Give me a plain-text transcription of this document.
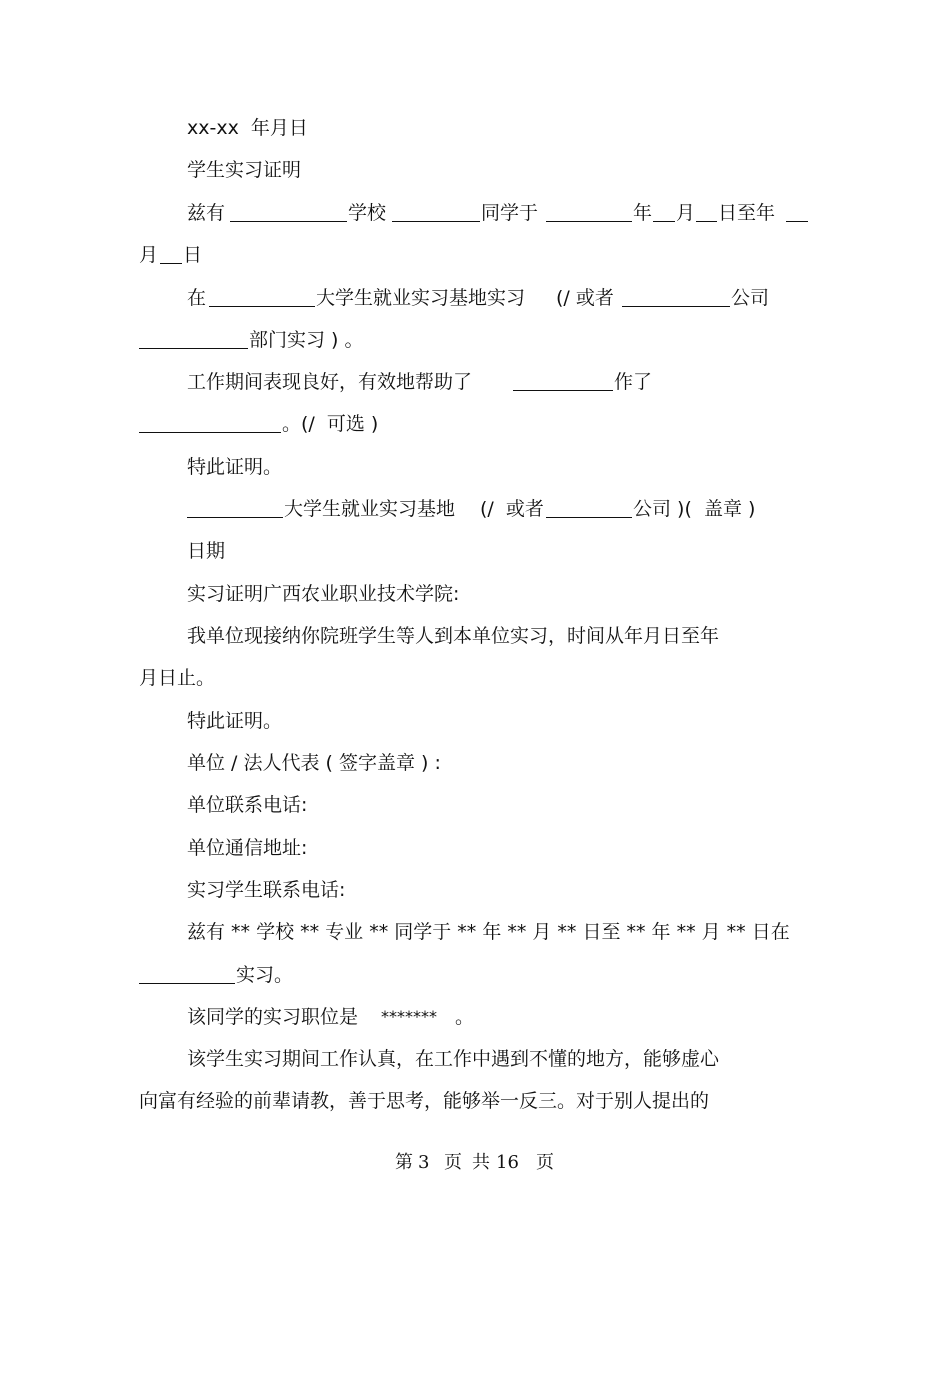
xx-xx  年月日

学生实习证明

兹有

	学校

	同学于

	年

月

日至年

月

日

在

	大学生就业实习基地实习

(/ 或者

	公司

部门实习 ) 。

工作期间表现良好，有效地帮助了

	作了

。(/  可选 )

特此证明。

大学生就业实习基地

(/  或者

	公司 )(  盖章 )

日期

实习证明广西农业职业技术学院:

我单位现接纳你院班学生等人到本单位实习，时间从年月日至年

月日止。

特此证明。

单位 / 法人代表 ( 签字盖章 ) :

单位联系电话:

单位通信地址:

实习学生联系电话:

兹有 ** 学校 ** 专业 ** 同学于 ** 年 ** 月 ** 日至 ** 年 ** 月 ** 日在

实习。

该同学的实习职位是

*******

。

该学生实习期间工作认真，在工作中遇到不懂的地方，能够虚心

向富有经验的前辈请教，善于思考，能够举一反三。对于别人提出的

第

3

页

共

16

页
